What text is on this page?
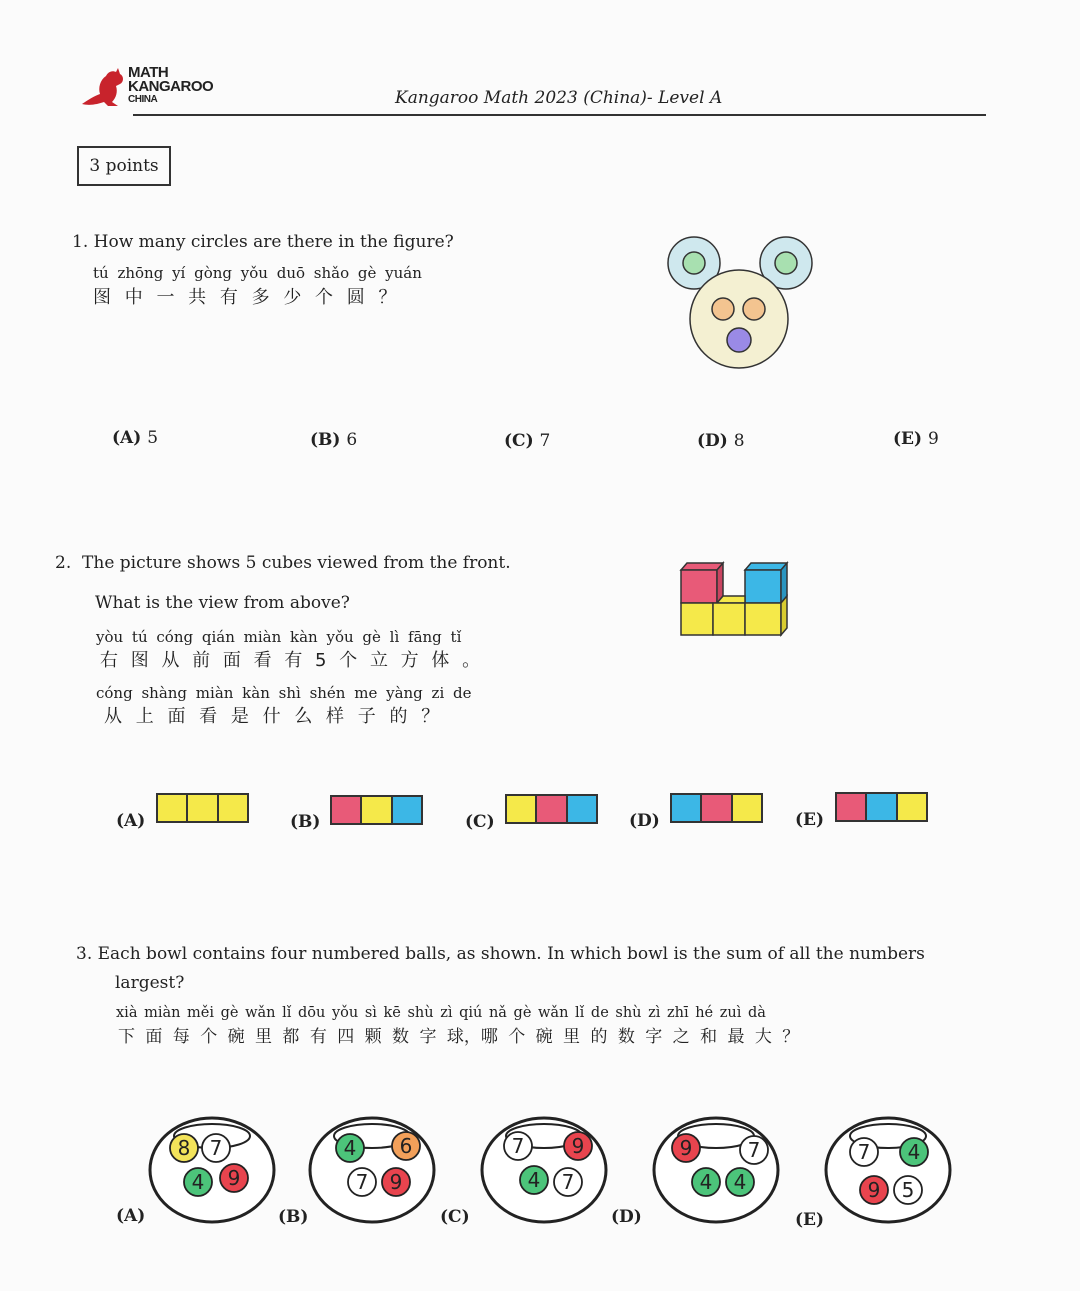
MATH
KANGAROO
CHINA	Kangaroo Math 2023 (China)- Level A
3 points
1. How many circles are there in the figure?
tú zhōng yí gòng yǒu duō shǎo gè yuán
图 中 一 共 有 多 少 个 圆 ？
(A) 5	(B) 6	(C) 7	(D) 8	(E) 9
2. The picture shows 5 cubes viewed from the front.
What is the view from above?
yòu tú cóng qián miàn kàn yǒu gè lì fāng tǐ
右 图 从 前 面 看 有 5 个 立 方 体 。
cóng shàng miàn kàn shì shén me yàng zi de
从 上 面 看 是 什 么 样 子 的 ？
(A)	(B)	(C)	(D)	(E)
3. Each bowl contains four numbered balls, as shown. In which bowl is the sum of all the numbers
largest?
xià miàn měi gè wǎn lǐ dōu yǒu sì kē shù zì qiú nǎ gè wǎn lǐ de shù zì zhī hé zuì dà
下 面 每 个 碗 里 都 有 四 颗 数 字 球，哪 个 碗 里 的 数 字 之 和 最 大 ？
(A)	(B)	(C)	(D)	(E)
8 7
4 9
4 6
7 9
7 9
4 7
9	7
4 4
7 4
9 5
